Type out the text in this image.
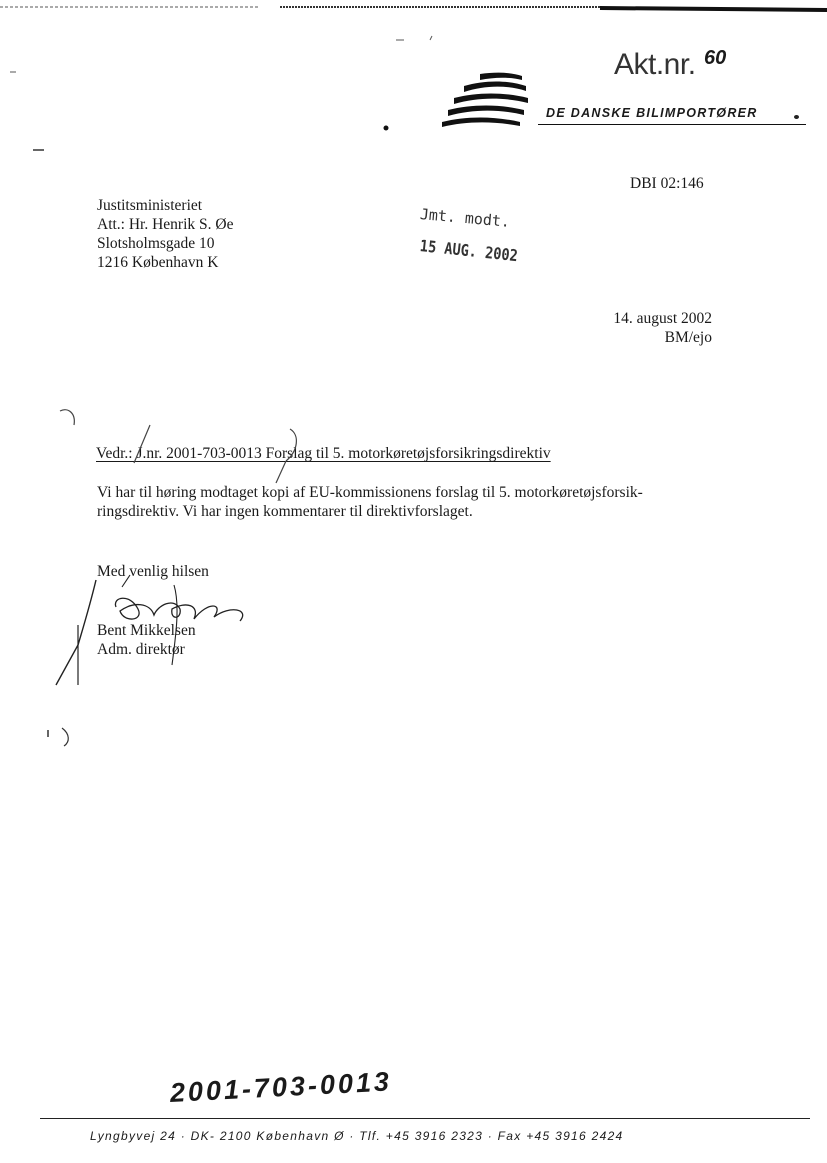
Akt.nr. 60
DE DANSKE BILIMPORTØRER
DBI 02:146
Justitsministeriet
Att.: Hr. Henrik S. Øe
Slotsholmsgade 10
1216 København K
Jmt. modt.
15 AUG. 2002
14. august 2002
BM/ejo
Vedr.: J.nr. 2001-703-0013 Forslag til 5. motorkøretøjsforsikringsdirektiv
Vi har til høring modtaget kopi af EU-kommissionens forslag til 5. motorkøretøjsforsik-
ringsdirektiv. Vi har ingen kommentarer til direktivforslaget.
Med venlig hilsen
Bent Mikkelsen
Adm. direktør
2001-703-0013
Lyngbyvej 24 · DK- 2100 København Ø · Tlf. +45 3916 2323 · Fax +45 3916 2424
